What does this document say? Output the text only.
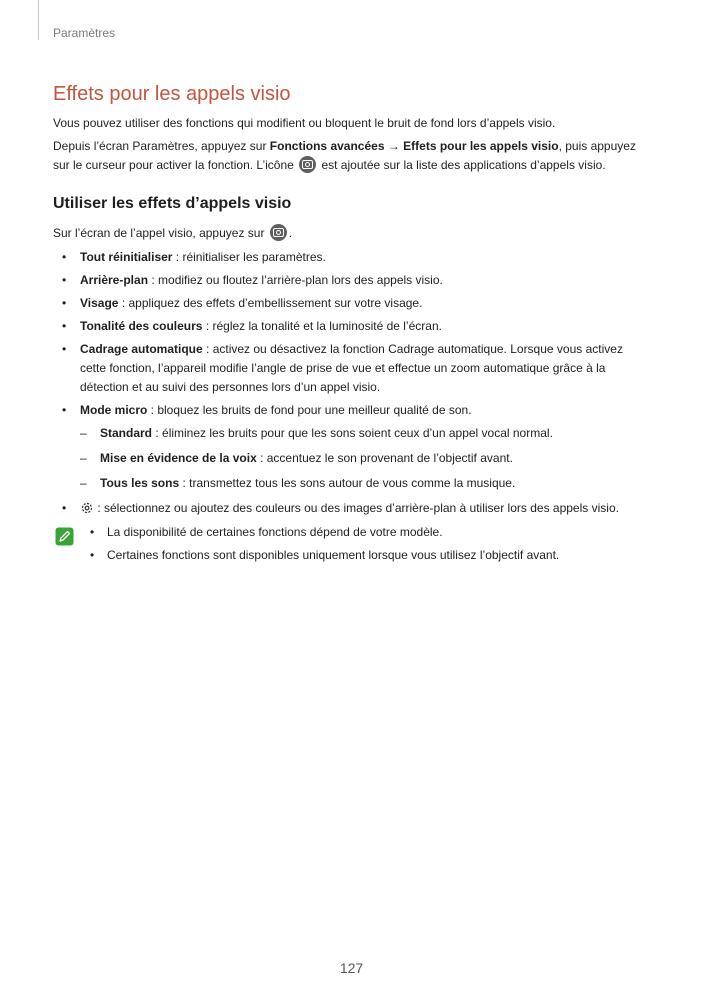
Paramètres
Effets pour les appels visio

Vous pouvez utiliser des fonctions qui modifient ou bloquent le bruit de fond lors d’appels visio.

Depuis l’écran Paramètres, appuyez sur Fonctions avancées → Effets pour les appels visio, puis appuyez sur le curseur pour activer la fonction. L’icône
est ajoutée sur la liste des applications d’appels visio.

Utiliser les effets d’appels visio

Sur l’écran de l’appel visio, appuyez sur
.

• Tout réinitialiser : réinitialiser les paramètres.
• Arrière-plan : modifiez ou floutez l’arrière-plan lors des appels visio.
• Visage : appliquez des effets d’embellissement sur votre visage.
• Tonalité des couleurs : réglez la tonalité et la luminosité de l’écran.
• Cadrage automatique : activez ou désactivez la fonction Cadrage automatique. Lorsque vous activez cette fonction, l’appareil modifie l’angle de prise de vue et effectue un zoom automatique grâce à la détection et au suivi des personnes lors d’un appel visio.
• Mode micro : bloquez les bruits de fond pour une meilleur qualité de son.
– Standard : éliminez les bruits pour que les sons soient ceux d’un appel vocal normal.
– Mise en évidence de la voix : accentuez le son provenant de l’objectif avant.
– Tous les sons : transmettez tous les sons autour de vous comme la musique.
• : sélectionnez ou ajoutez des couleurs ou des images d’arrière-plan à utiliser lors des appels visio.
• La disponibilité de certaines fonctions dépend de votre modèle.
• Certaines fonctions sont disponibles uniquement lorsque vous utilisez l’objectif avant.
127
